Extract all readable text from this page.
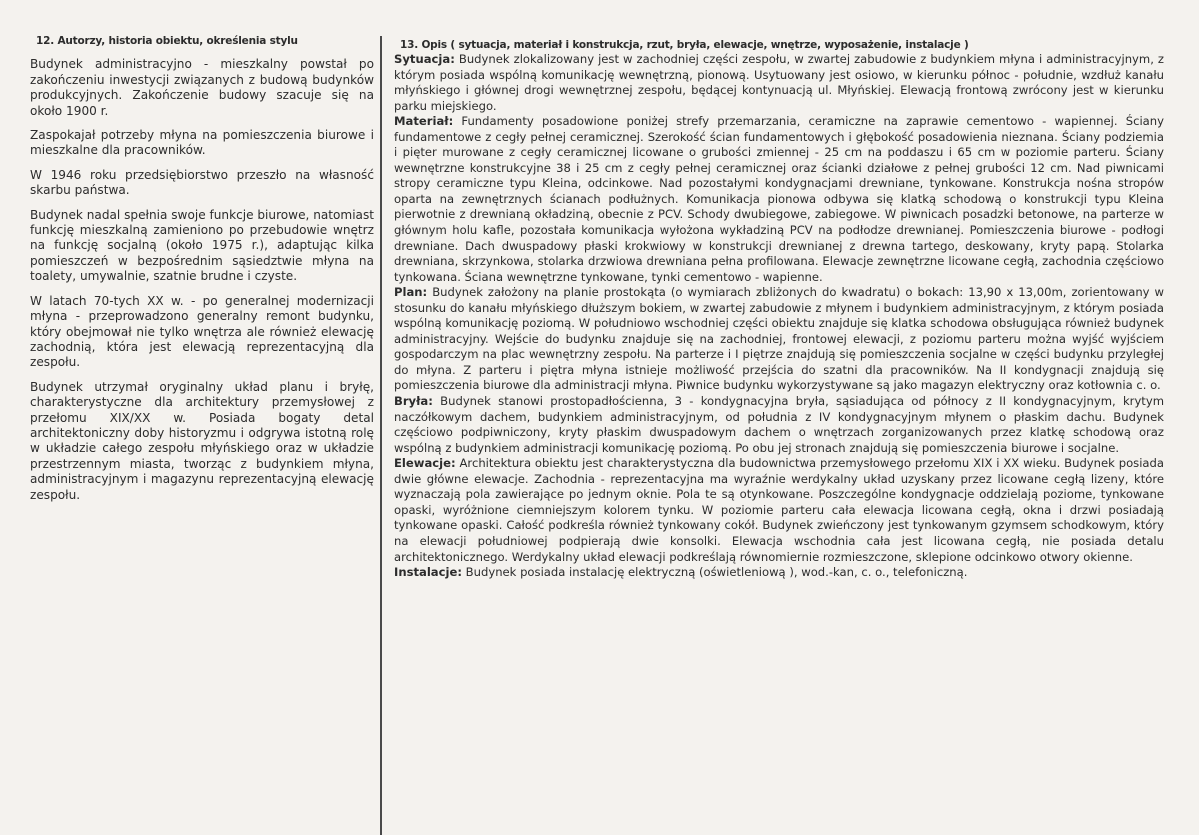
12. Autorzy, historia obiektu, określenia stylu

Budynek administracyjno - mieszkalny powstał po zakończeniu inwestycji związanych z budową budynków produkcyjnych. Zakończenie budowy szacuje się na około 1900 r.

Zaspokajał potrzeby młyna na pomieszczenia biurowe i mieszkalne dla pracowników.

W 1946 roku przedsiębiorstwo przeszło na własność skarbu państwa.

Budynek nadal spełnia swoje funkcje biurowe, natomiast funkcję mieszkalną zamieniono po przebudowie wnętrz na funkcję socjalną (około 1975 r.), adaptując kilka pomieszczeń w bezpośrednim sąsiedztwie młyna na toalety, umywalnie, szatnie brudne i czyste.

W latach 70-tych XX w. - po generalnej modernizacji młyna - przeprowadzono generalny remont budynku, który obejmował nie tylko wnętrza ale również elewację zachodnią, która jest elewacją reprezentacyjną dla zespołu.

Budynek utrzymał oryginalny układ planu i bryłę, charakterystyczne dla architektury przemysłowej z przełomu XIX/XX w. Posiada bogaty detal architektoniczny doby historyzmu i odgrywa istotną rolę w układzie całego zespołu młyńskiego oraz w układzie przestrzennym miasta, tworząc z budynkiem młyna, administracyjnym i magazynu reprezentacyjną elewację zespołu.

13. Opis ( sytuacja, materiał i konstrukcja, rzut, bryła, elewacje, wnętrze, wyposażenie, instalacje )

Sytuacja: Budynek zlokalizowany jest w zachodniej części zespołu, w zwartej zabudowie z budynkiem młyna i administracyjnym, z którym posiada wspólną komunikację wewnętrzną, pionową. Usytuowany jest osiowo, w kierunku północ - południe, wzdłuż kanału młyńskiego i głównej drogi wewnętrznej zespołu, będącej kontynuacją ul. Młyńskiej. Elewacją frontową zwrócony jest w kierunku parku miejskiego.

Materiał: Fundamenty posadowione poniżej strefy przemarzania, ceramiczne na zaprawie cementowo - wapiennej. Ściany fundamentowe z cegły pełnej ceramicznej. Szerokość ścian fundamentowych i głębokość posadowienia nieznana. Ściany podziemia i pięter murowane z cegły ceramicznej licowane o grubości zmiennej - 25 cm na poddaszu i 65 cm w poziomie parteru. Ściany wewnętrzne konstrukcyjne 38 i 25 cm z cegły pełnej ceramicznej oraz ścianki działowe z pełnej grubości 12 cm. Nad piwnicami stropy ceramiczne typu Kleina, odcinkowe. Nad pozostałymi kondygnacjami drewniane, tynkowane. Konstrukcja nośna stropów oparta na zewnętrznych ścianach podłużnych. Komunikacja pionowa odbywa się klatką schodową o konstrukcji typu Kleina pierwotnie z drewnianą okładziną, obecnie z PCV. Schody dwubiegowe, zabiegowe. W piwnicach posadzki betonowe, na parterze w głównym holu kafle, pozostała komunikacja wyłożona wykładziną PCV na podłodze drewnianej. Pomieszczenia biurowe - podłogi drewniane. Dach dwuspadowy płaski krokwiowy w konstrukcji drewnianej z drewna tartego, deskowany, kryty papą. Stolarka drewniana, skrzynkowa, stolarka drzwiowa drewniana pełna profilowana. Elewacje zewnętrzne licowane cegłą, zachodnia częściowo tynkowana. Ściana wewnętrzne tynkowane, tynki cementowo - wapienne.

Plan: Budynek założony na planie prostokąta (o wymiarach zbliżonych do kwadratu) o bokach: 13,90 x 13,00m, zorientowany w stosunku do kanału młyńskiego dłuższym bokiem, w zwartej zabudowie z młynem i budynkiem administracyjnym, z którym posiada wspólną komunikację poziomą. W południowo wschodniej części obiektu znajduje się klatka schodowa obsługująca również budynek administracyjny. Wejście do budynku znajduje się na zachodniej, frontowej elewacji, z poziomu parteru można wyjść wyjściem gospodarczym na plac wewnętrzny zespołu. Na parterze i I piętrze znajdują się pomieszczenia socjalne w części budynku przyległej do młyna. Z parteru i piętra młyna istnieje możliwość przejścia do szatni dla pracowników. Na II kondygnacji znajdują się pomieszczenia biurowe dla administracji młyna. Piwnice budynku wykorzystywane są jako magazyn elektryczny oraz kotłownia c. o.

Bryła: Budynek stanowi prostopadłościenna, 3 - kondygnacyjna bryła, sąsiadująca od północy z II kondygnacyjnym, krytym naczółkowym dachem, budynkiem administracyjnym, od południa z IV kondygnacyjnym młynem o płaskim dachu. Budynek częściowo podpiwniczony, kryty płaskim dwuspadowym dachem o wnętrzach zorganizowanych przez klatkę schodową oraz wspólną z budynkiem administracji komunikację poziomą. Po obu jej stronach znajdują się pomieszczenia biurowe i socjalne.

Elewacje: Architektura obiektu jest charakterystyczna dla budownictwa przemysłowego przełomu XIX i XX wieku. Budynek posiada dwie główne elewacje. Zachodnia - reprezentacyjna ma wyraźnie werdykalny układ uzyskany przez licowane cegłą lizeny, które wyznaczają pola zawierające po jednym oknie. Pola te są otynkowane. Poszczególne kondygnacje oddzielają poziome, tynkowane opaski, wyróżnione ciemniejszym kolorem tynku. W poziomie parteru cała elewacja licowana cegłą, okna i drzwi posiadają tynkowane opaski. Całość podkreśla również tynkowany cokół. Budynek zwieńczony jest tynkowanym gzymsem schodkowym, który na elewacji południowej podpierają dwie konsolki. Elewacja wschodnia cała jest licowana cegłą, nie posiada detalu architektonicznego. Werdykalny układ elewacji podkreślają równomiernie rozmieszczone, sklepione odcinkowo otwory okienne.

Instalacje: Budynek posiada instalację elektryczną (oświetleniową ), wod.-kan, c. o., telefoniczną.
